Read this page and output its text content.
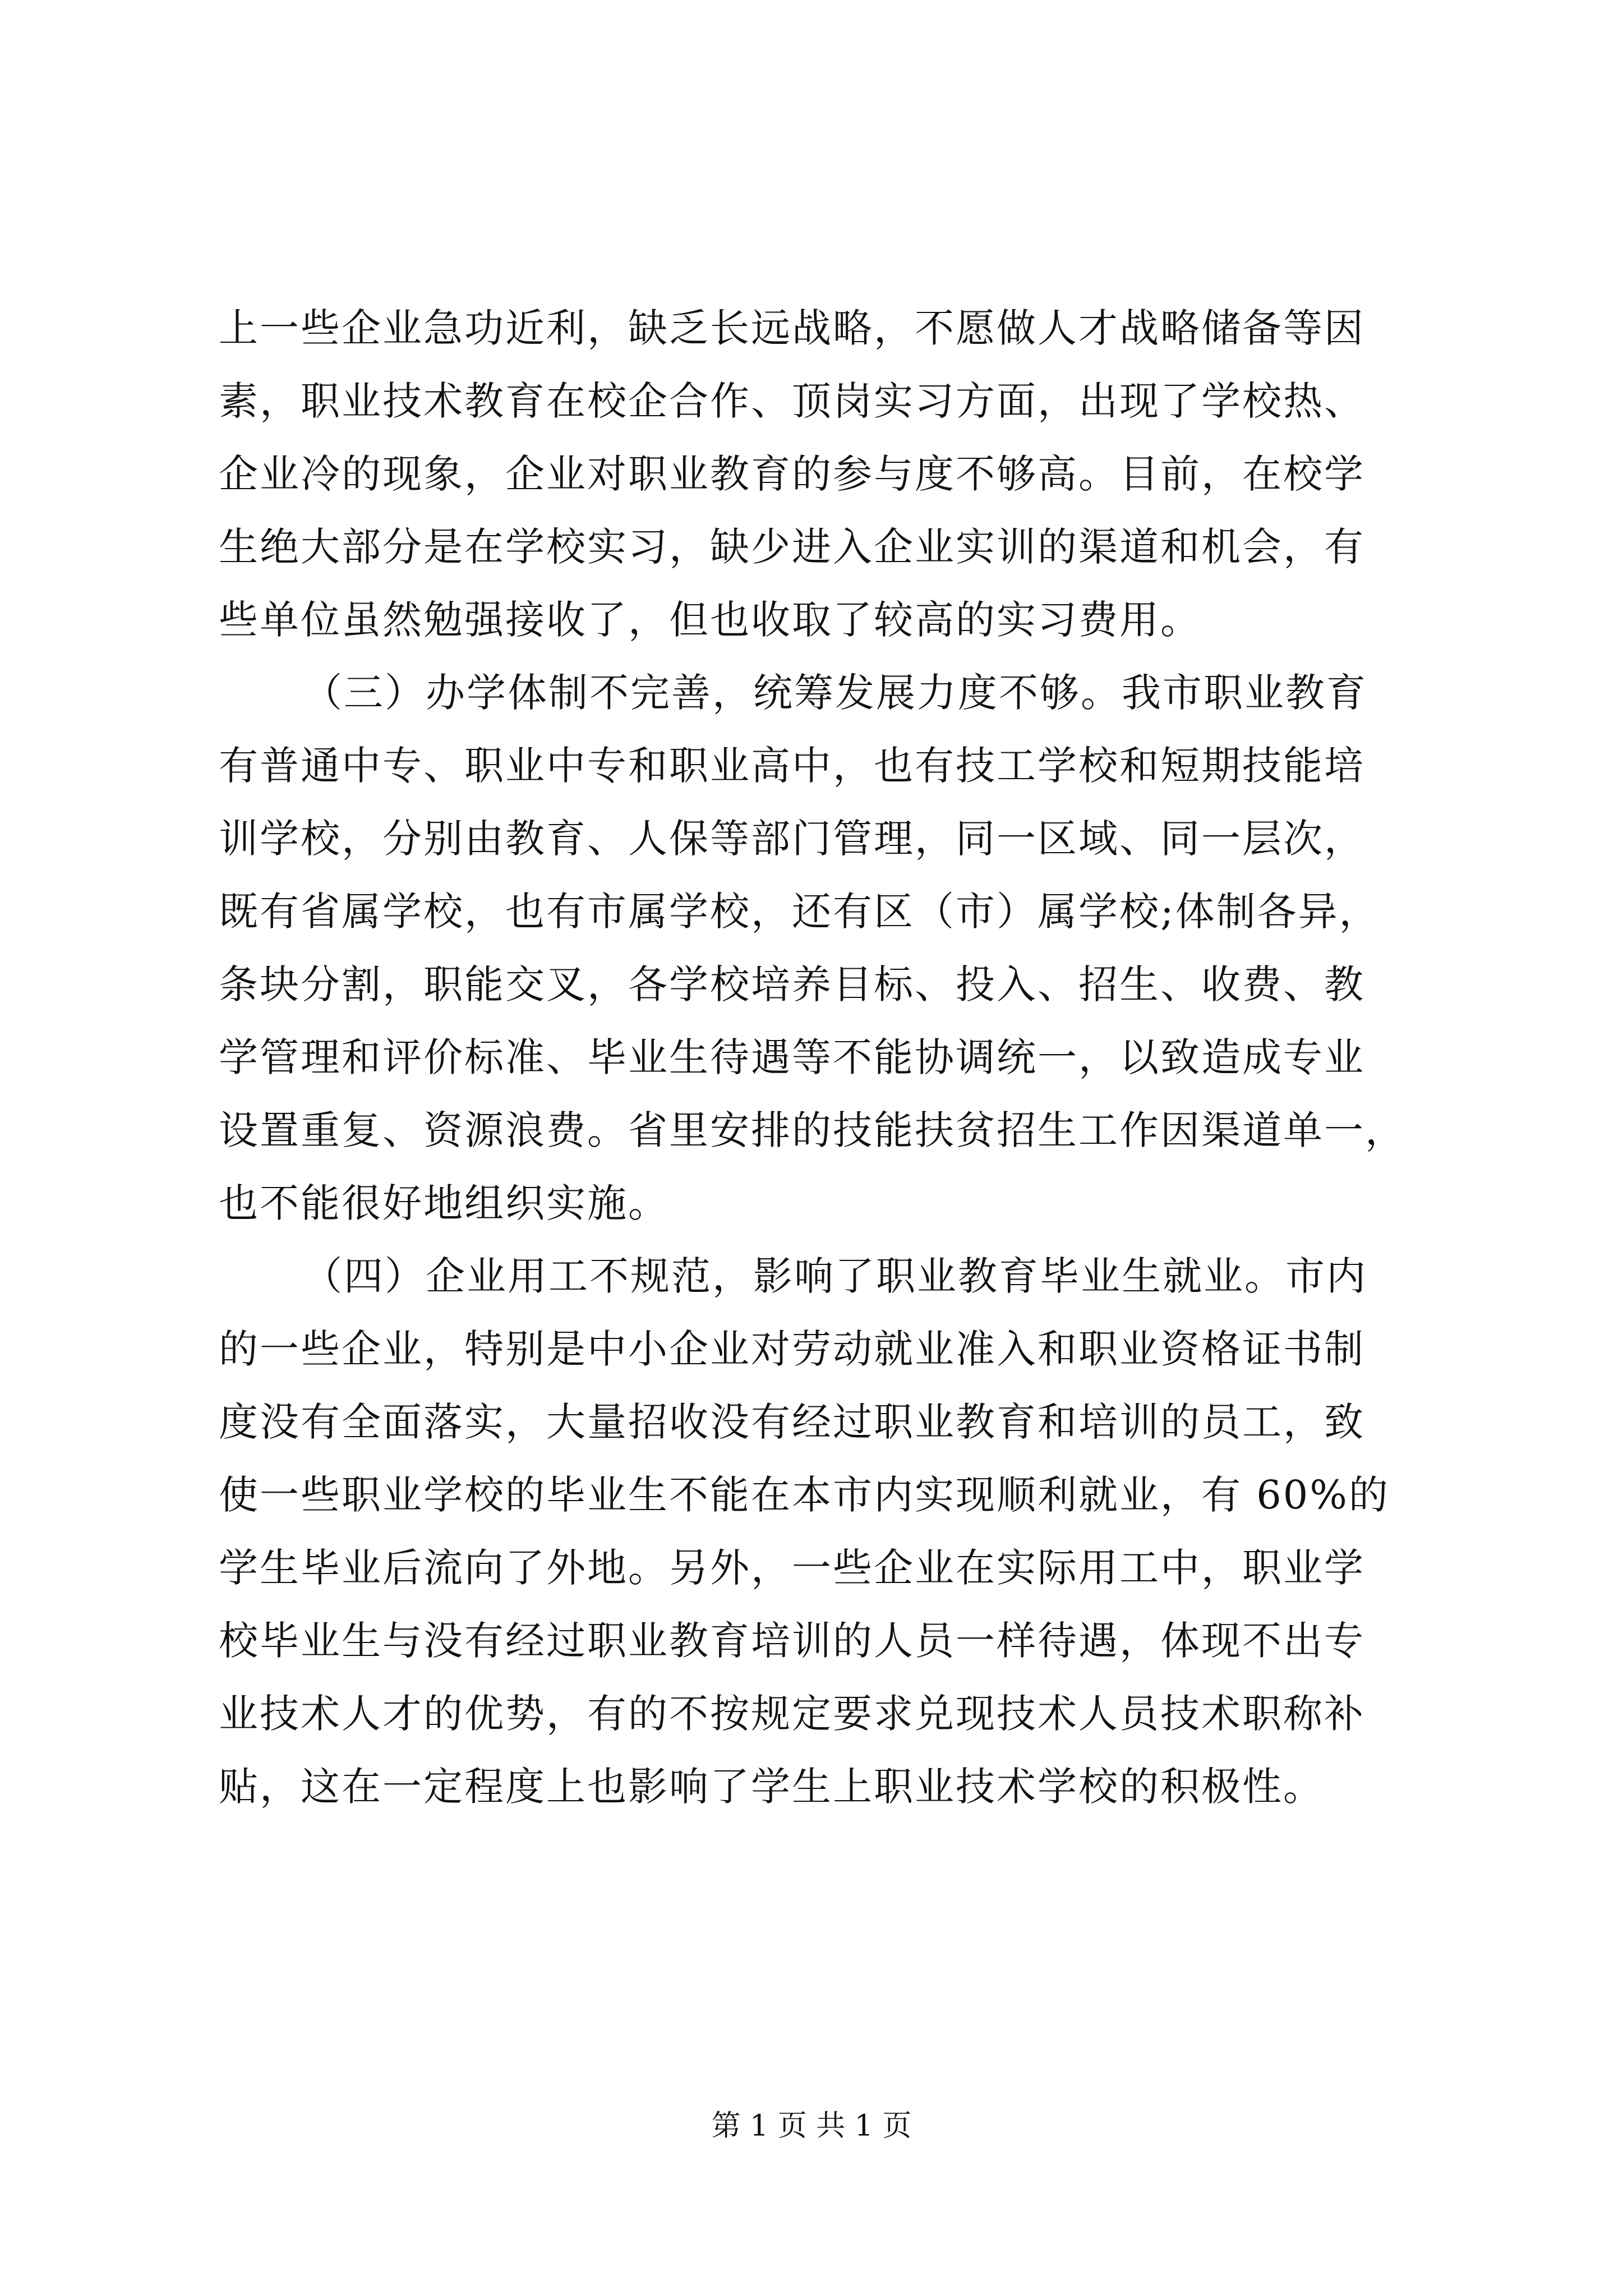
上一些企业急功近利，缺乏长远战略，不愿做人才战略储备等因
素，职业技术教育在校企合作、顶岗实习方面，出现了学校热、
企业冷的现象，企业对职业教育的参与度不够高。目前，在校学
生绝大部分是在学校实习，缺少进入企业实训的渠道和机会，有
些单位虽然勉强接收了，但也收取了较高的实习费用。
（三）办学体制不完善，统筹发展力度不够。我市职业教育
有普通中专、职业中专和职业高中，也有技工学校和短期技能培
训学校，分别由教育、人保等部门管理，同一区域、同一层次，
既有省属学校，也有市属学校，还有区（市）属学校;体制各异，
条块分割，职能交叉，各学校培养目标、投入、招生、收费、教
学管理和评价标准、毕业生待遇等不能协调统一，以致造成专业
设置重复、资源浪费。省里安排的技能扶贫招生工作因渠道单一，
也不能很好地组织实施。
（四）企业用工不规范，影响了职业教育毕业生就业。市内
的一些企业，特别是中小企业对劳动就业准入和职业资格证书制
度没有全面落实，大量招收没有经过职业教育和培训的员工，致
使一些职业学校的毕业生不能在本市内实现顺利就业，有 60%的
学生毕业后流向了外地。另外，一些企业在实际用工中，职业学
校毕业生与没有经过职业教育培训的人员一样待遇，体现不出专
业技术人才的优势，有的不按规定要求兑现技术人员技术职称补
贴，这在一定程度上也影响了学生上职业技术学校的积极性。
第 1 页 共 1 页
